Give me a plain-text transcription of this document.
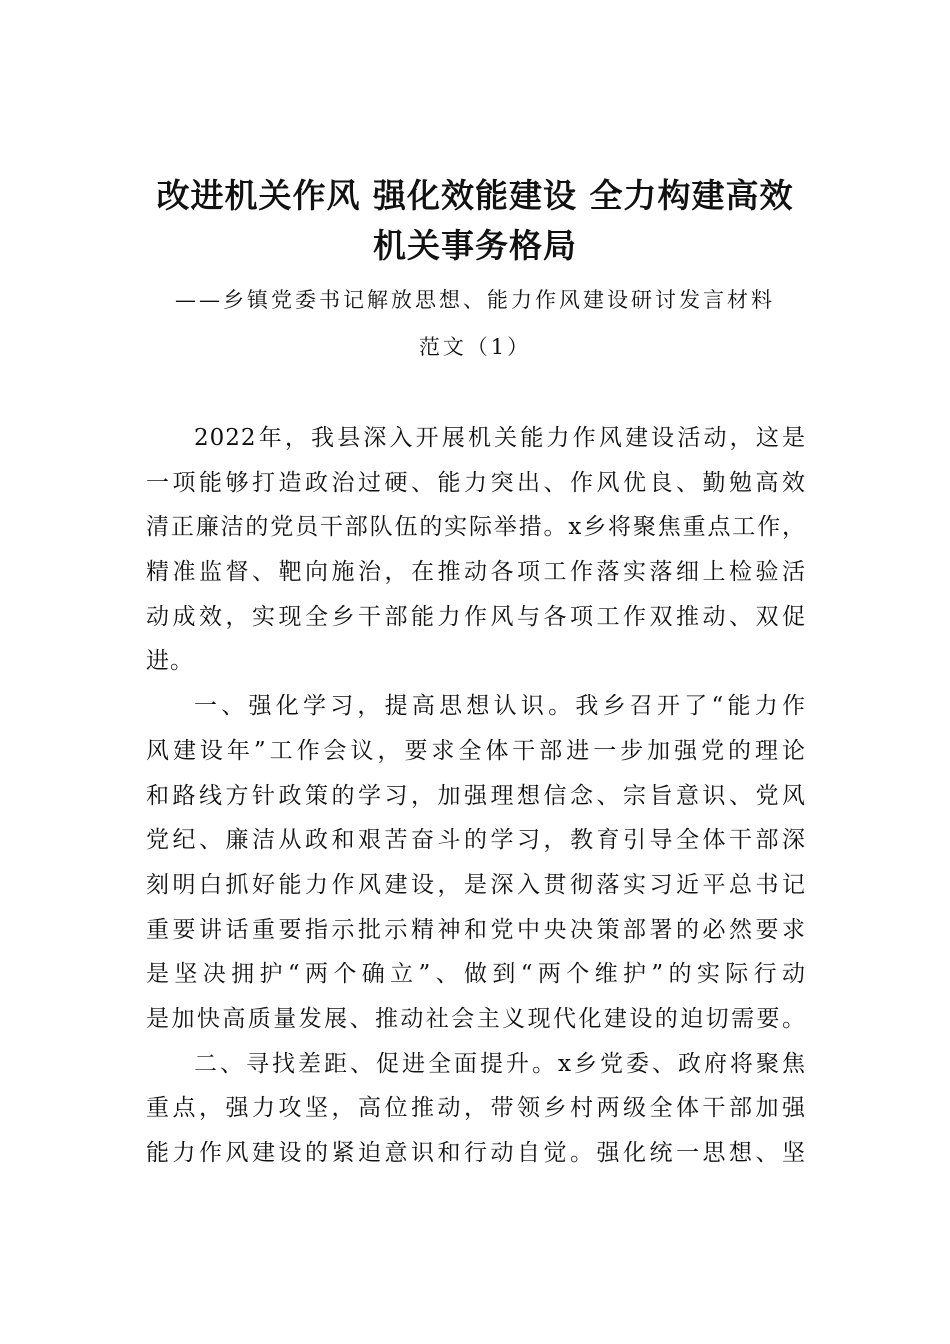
改进机关作风 强化效能建设 全力构建高效
机关事务格局
——乡镇党委书记解放思想、能力作风建设研讨发言材料
范文（1）
2022年，我县深入开展机关能力作风建设活动，这是
一项能够打造政治过硬、能力突出、作风优良、勤勉高效
清正廉洁的党员干部队伍的实际举措。x乡将聚焦重点工作，
精准监督、靶向施治，在推动各项工作落实落细上检验活
动成效，实现全乡干部能力作风与各项工作双推动、双促
进。
一、强化学习，提高思想认识。我乡召开了“能力作
风建设年”工作会议，要求全体干部进一步加强党的理论
和路线方针政策的学习，加强理想信念、宗旨意识、党风
党纪、廉洁从政和艰苦奋斗的学习，教育引导全体干部深
刻明白抓好能力作风建设，是深入贯彻落实习近平总书记
重要讲话重要指示批示精神和党中央决策部署的必然要求
是坚决拥护“两个确立”、做到“两个维护”的实际行动
是加快高质量发展、推动社会主义现代化建设的迫切需要。
二、寻找差距、促进全面提升。x乡党委、政府将聚焦
重点，强力攻坚，高位推动，带领乡村两级全体干部加强
能力作风建设的紧迫意识和行动自觉。强化统一思想、坚
